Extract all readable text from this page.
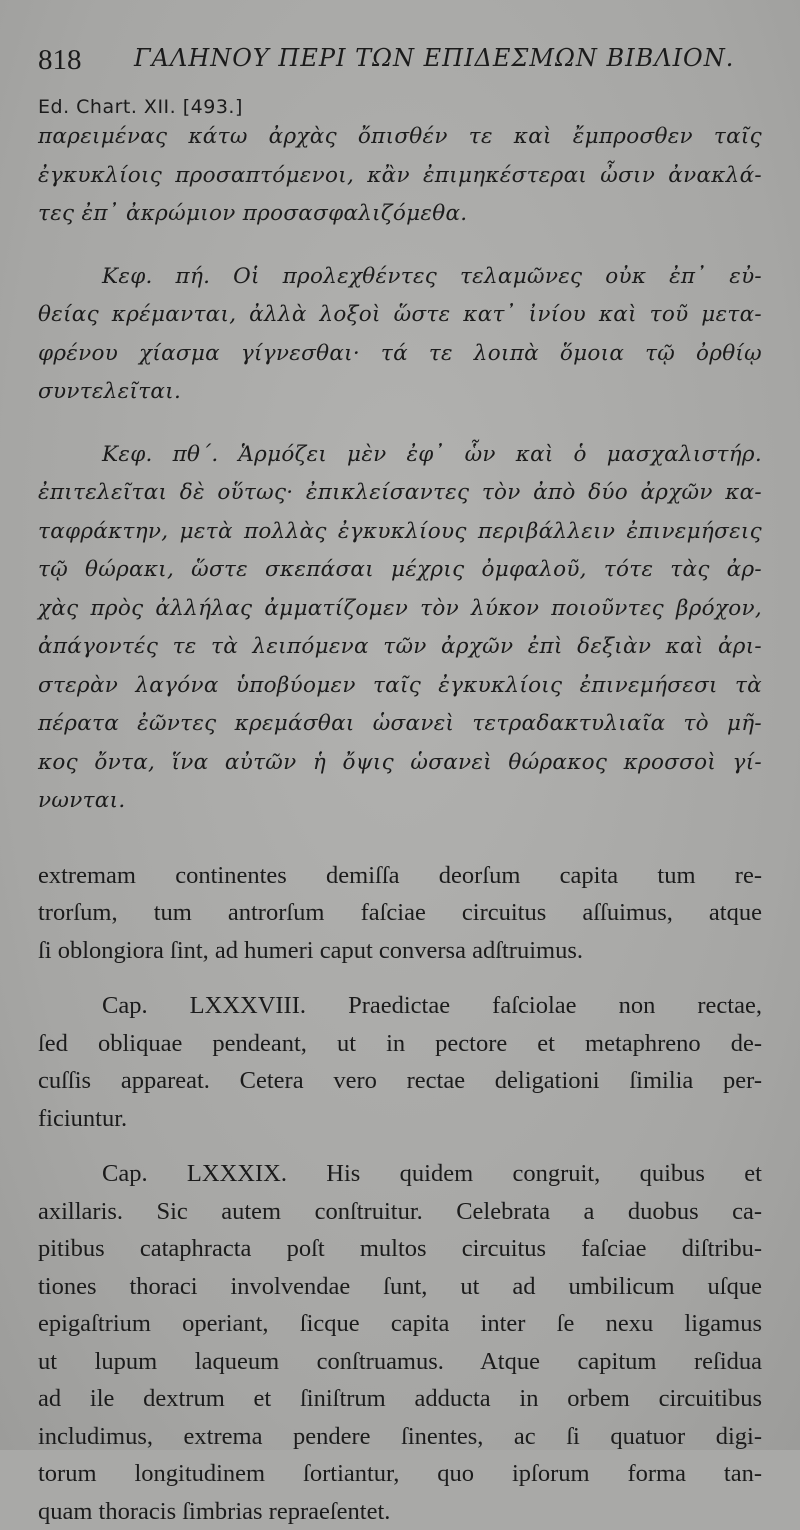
818 ΓΑΛΗΝΟΥ ΠΕΡΙ ΤΩΝ ΕΠΙΔΕΣΜΩΝ ΒΙΒΛΙΟΝ.
Ed. Chart. XII. [493.]
παρειμένας κάτω ἀρχὰς ὄπισθέν τε καὶ ἔμπροσθεν ταῖς
ἐγκυκλίοις προσαπτόμενοι, κἂν ἐπιμηκέστεραι ὦσιν ἀνακλά-
τες ἐπ᾽ ἀκρώμιον προσασφαλιζόμεθα.
Κεφ. πή. Οἱ προλεχθέντες τελαμῶνες οὐκ ἐπ᾽ εὐ-
θείας κρέμανται, ἀλλὰ λοξοὶ ὥστε κατ᾽ ἰνίου καὶ τοῦ μετα-
φρένου χίασμα γίγνεσθαι· τά τε λοιπὰ ὅμοια τῷ ὀρθίῳ
συντελεῖται.
Κεφ. πθ΄. Ἁρμόζει μὲν ἐφ᾽ ὧν καὶ ὁ μασχαλιστήρ.
ἐπιτελεῖται δὲ οὕτως· ἐπικλείσαντες τὸν ἀπὸ δύο ἀρχῶν κα-
ταφράκτην, μετὰ πολλὰς ἐγκυκλίους περιβάλλειν ἐπινεμήσεις
τῷ θώρακι, ὥστε σκεπάσαι μέχρις ὀμφαλοῦ, τότε τὰς ἀρ-
χὰς πρὸς ἀλλήλας ἀμματίζομεν τὸν λύκον ποιοῦντες βρόχον,
ἀπάγοντές τε τὰ λειπόμενα τῶν ἀρχῶν ἐπὶ δεξιὰν καὶ ἀρι-
στερὰν λαγόνα ὑποβύομεν ταῖς ἐγκυκλίοις ἐπινεμήσεσι τὰ
πέρατα ἐῶντες κρεμάσθαι ὡσανεὶ τετραδακτυλιαῖα τὸ μῆ-
κος ὄντα, ἵνα αὐτῶν ἡ ὄψις ὡσανεὶ θώρακος κροσσοὶ γί-
νωνται.
extremam continentes demiſſa deorſum capita tum re-
trorſum, tum antrorſum faſciae circuitus aſſuimus, atque
ſi oblongiora ſint, ad humeri caput conversa adſtruimus.
Cap. LXXXVIII. Praedictae faſciolae non rectae,
ſed obliquae pendeant, ut in pectore et metaphreno de-
cuſſis appareat. Cetera vero rectae deligationi ſimilia per-
ficiuntur.
Cap. LXXXIX. His quidem congruit, quibus et
axillaris. Sic autem conſtruitur. Celebrata a duobus ca-
pitibus cataphracta poſt multos circuitus faſciae diſtribu-
tiones thoraci involvendae ſunt, ut ad umbilicum uſque
epigaſtrium operiant, ſicque capita inter ſe nexu ligamus
ut lupum laqueum conſtruamus. Atque capitum reſidua
ad ile dextrum et ſiniſtrum adducta in orbem circuitibus
includimus, extrema pendere ſinentes, ac ſi quatuor digi-
torum longitudinem ſortiantur, quo ipſorum forma tan-
quam thoracis ſimbrias repraeſentet.
